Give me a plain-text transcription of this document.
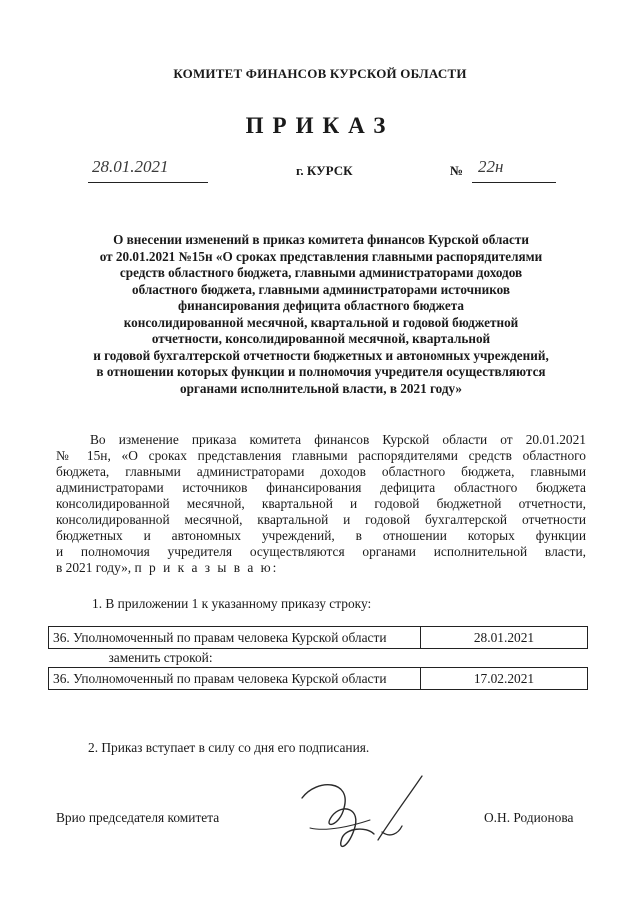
КОМИТЕТ ФИНАНСОВ КУРСКОЙ ОБЛАСТИ
ПРИКАЗ
28.01.2021	г. КУРСК	№ 22н
О внесении изменений в приказ комитета финансов Курской области
от 20.01.2021 №15н «О сроках представления главными распорядителями
средств областного бюджета, главными администраторами доходов
областного бюджета, главными администраторами источников
финансирования дефицита областного бюджета
консолидированной месячной, квартальной и годовой бюджетной
отчетности, консолидированной месячной, квартальной
и годовой бухгалтерской отчетности бюджетных и автономных учреждений,
в отношении которых функции и полномочия учредителя осуществляются
органами исполнительной власти, в 2021 году»
Во изменение приказа комитета финансов Курской области от 20.01.2021
№ 15н, «О сроках представления главными распорядителями средств областного
бюджета, главными администраторами доходов областного бюджета, главными
администраторами источников финансирования дефицита областного бюджета
консолидированной месячной, квартальной и годовой бюджетной отчетности,
консолидированной месячной, квартальной и годовой бухгалтерской отчетности
бюджетных и автономных учреждений, в отношении которых функции
и полномочия учредителя осуществляются органами исполнительной власти,
в 2021 году», п р и к а з ы в а ю:
1. В приложении 1 к указанному приказу строку:
36. Уполномоченный по правам человека Курской области	28.01.2021
заменить строкой:	
36. Уполномоченный по правам человека Курской области	17.02.2021
2. Приказ вступает в силу со дня его подписания.
Врио председателя комитета	О.Н. Родионова
